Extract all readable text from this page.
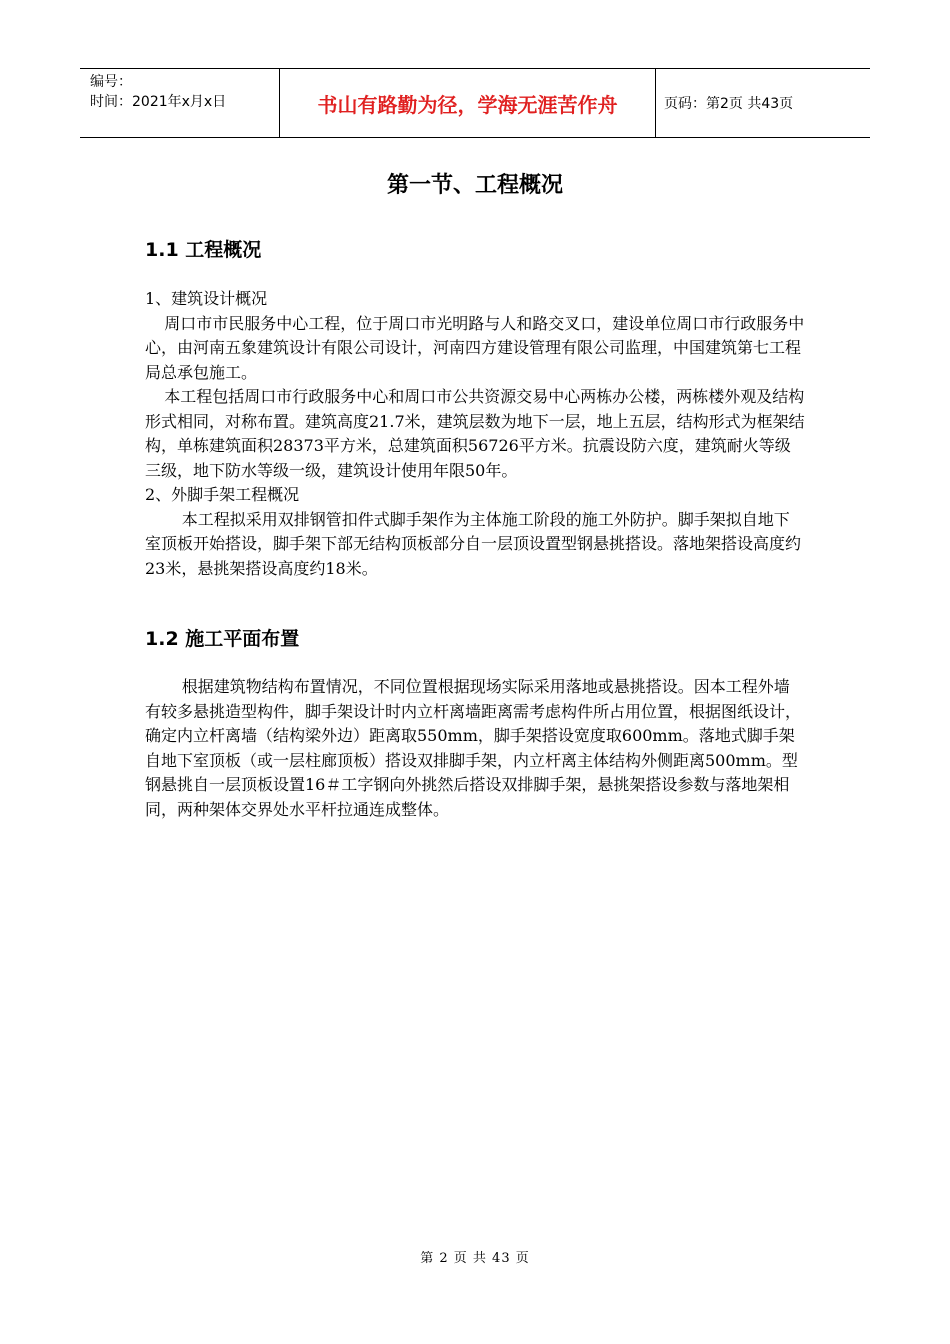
编号：
时间：2021年x月x日	书山有路勤为径，学海无涯苦作舟	页码：第2页 共43页
第一节、工程概况
1.1 工程概况

1、建筑设计概况

周口市市民服务中心工程，位于周口市光明路与人和路交叉口，建设单位周口市行政服务中心，由河南五象建筑设计有限公司设计，河南四方建设管理有限公司监理，中国建筑第七工程局总承包施工。

本工程包括周口市行政服务中心和周口市公共资源交易中心两栋办公楼，两栋楼外观及结构形式相同，对称布置。建筑高度21.7米，建筑层数为地下一层，地上五层，结构形式为框架结构，单栋建筑面积28373平方米，总建筑面积56726平方米。抗震设防六度，建筑耐火等级三级，地下防水等级一级，建筑设计使用年限50年。

2、外脚手架工程概况

本工程拟采用双排钢管扣件式脚手架作为主体施工阶段的施工外防护。脚手架拟自地下室顶板开始搭设，脚手架下部无结构顶板部分自一层顶设置型钢悬挑搭设。落地架搭设高度约23米，悬挑架搭设高度约18米。

1.2 施工平面布置

根据建筑物结构布置情况，不同位置根据现场实际采用落地或悬挑搭设。因本工程外墙有较多悬挑造型构件，脚手架设计时内立杆离墙距离需考虑构件所占用位置，根据图纸设计，确定内立杆离墙（结构梁外边）距离取550mm，脚手架搭设宽度取600mm。落地式脚手架自地下室顶板（或一层柱廊顶板）搭设双排脚手架，内立杆离主体结构外侧距离500mm。型钢悬挑自一层顶板设置16＃工字钢向外挑然后搭设双排脚手架，悬挑架搭设参数与落地架相同，两种架体交界处水平杆拉通连成整体。

第 2 页 共 43 页
